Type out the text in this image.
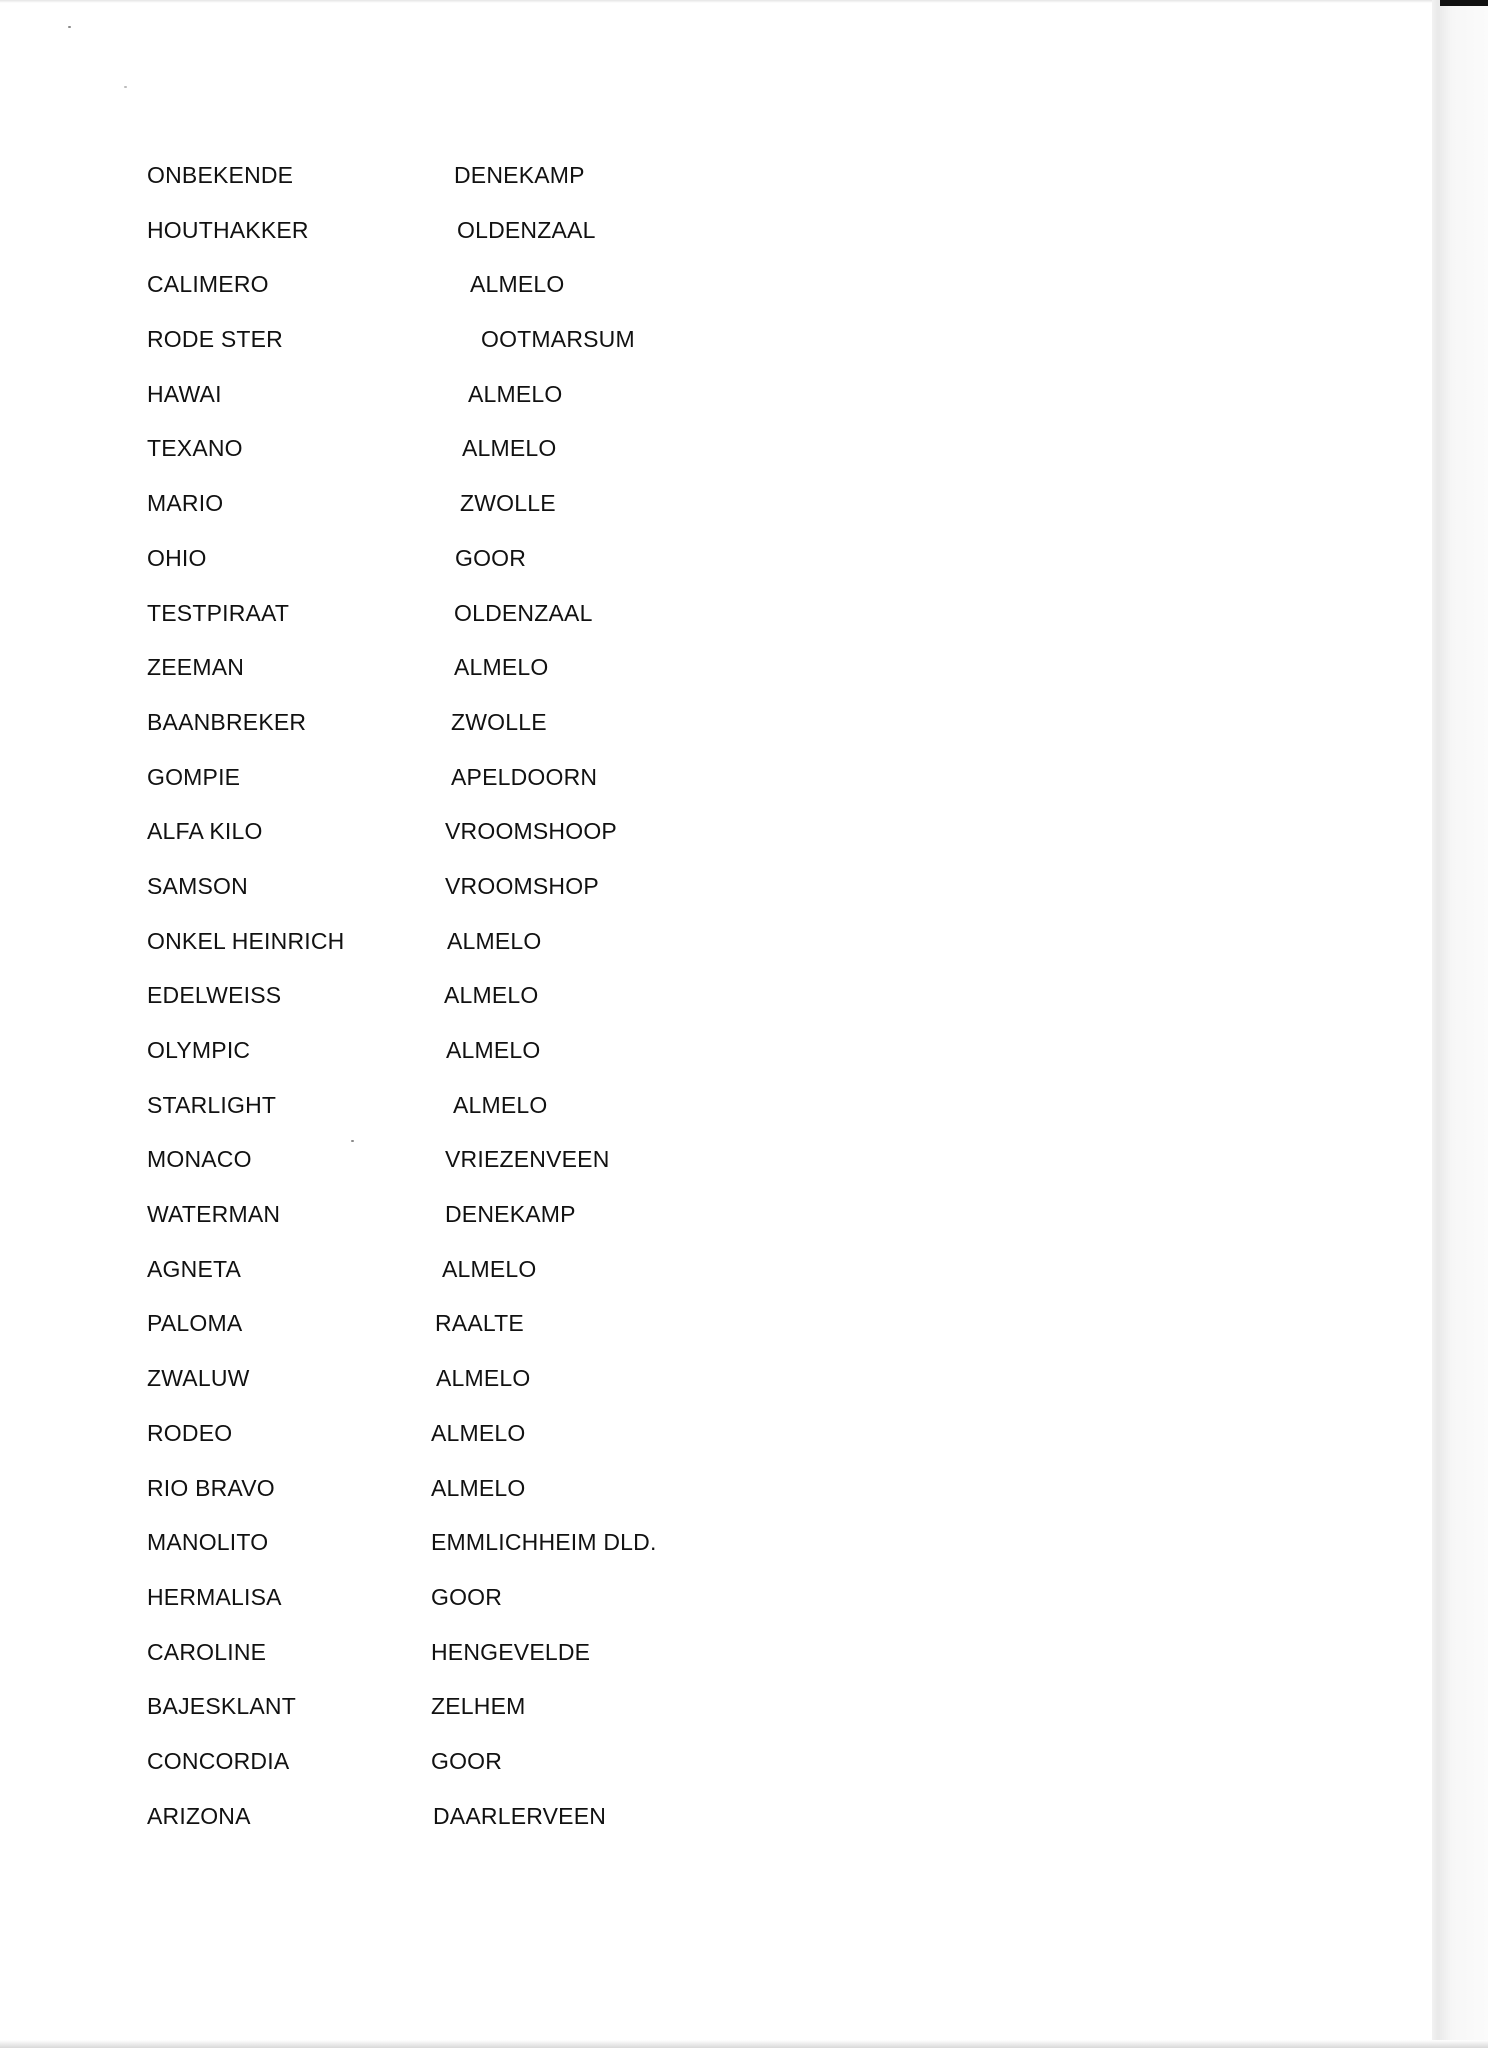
ONBEKENDE	DENEKAMP
HOUTHAKKER	OLDENZAAL
CALIMERO	ALMELO
RODE STER	OOTMARSUM
HAWAI	ALMELO
TEXANO	ALMELO
MARIO	ZWOLLE
OHIO	GOOR
TESTPIRAAT	OLDENZAAL
ZEEMAN	ALMELO
BAANBREKER	ZWOLLE
GOMPIE	APELDOORN
ALFA KILO	VROOMSHOOP
SAMSON	VROOMSHOP
ONKEL HEINRICH	ALMELO
EDELWEISS	ALMELO
OLYMPIC	ALMELO
STARLIGHT	ALMELO
MONACO	VRIEZENVEEN
WATERMAN	DENEKAMP
AGNETA	ALMELO
PALOMA	RAALTE
ZWALUW	ALMELO
RODEO	ALMELO
RIO BRAVO	ALMELO
MANOLITO	EMMLICHHEIM DLD.
HERMALISA	GOOR
CAROLINE	HENGEVELDE
BAJESKLANT	ZELHEM
CONCORDIA	GOOR
ARIZONA	DAARLERVEEN
